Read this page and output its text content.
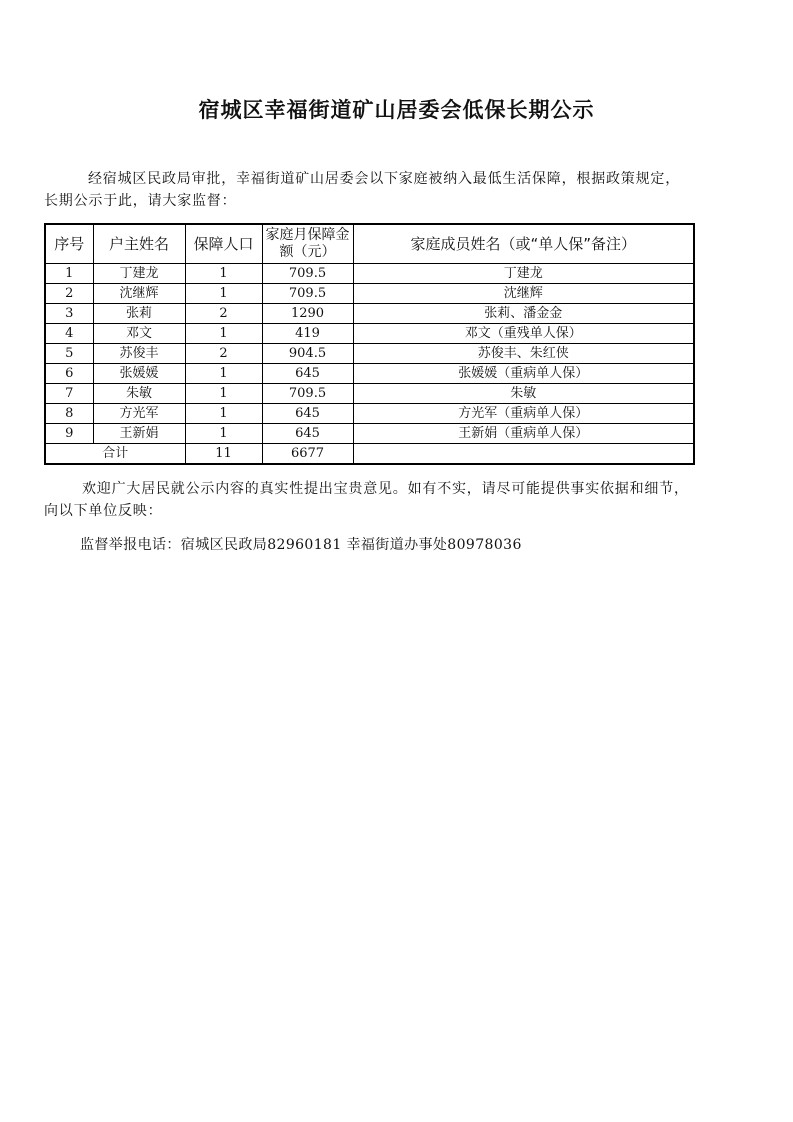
宿城区幸福街道矿山居委会低保长期公示
经宿城区民政局审批，幸福街道矿山居委会以下家庭被纳入最低生活保障，根据政策规定，长期公示于此，请大家监督：
序号	户主姓名	保障人口	家庭月保障金额（元）	家庭成员姓名（或“单人保”备注）
1	丁建龙	1	709.5	丁建龙
2	沈继辉	1	709.5	沈继辉
3	张莉	2	1290	张莉、潘金金
4	邓文	1	419	邓文（重残单人保）
5	苏俊丰	2	904.5	苏俊丰、朱红侠
6	张媛媛	1	645	张媛媛（重病单人保）
7	朱敏	1	709.5	朱敏
8	方光军	1	645	方光军（重病单人保）
9	王新娟	1	645	王新娟（重病单人保）
合计		11	6677	
欢迎广大居民就公示内容的真实性提出宝贵意见。如有不实，请尽可能提供事实依据和细节，向以下单位反映：
监督举报电话：宿城区民政局82960181 幸福街道办事处80978036
